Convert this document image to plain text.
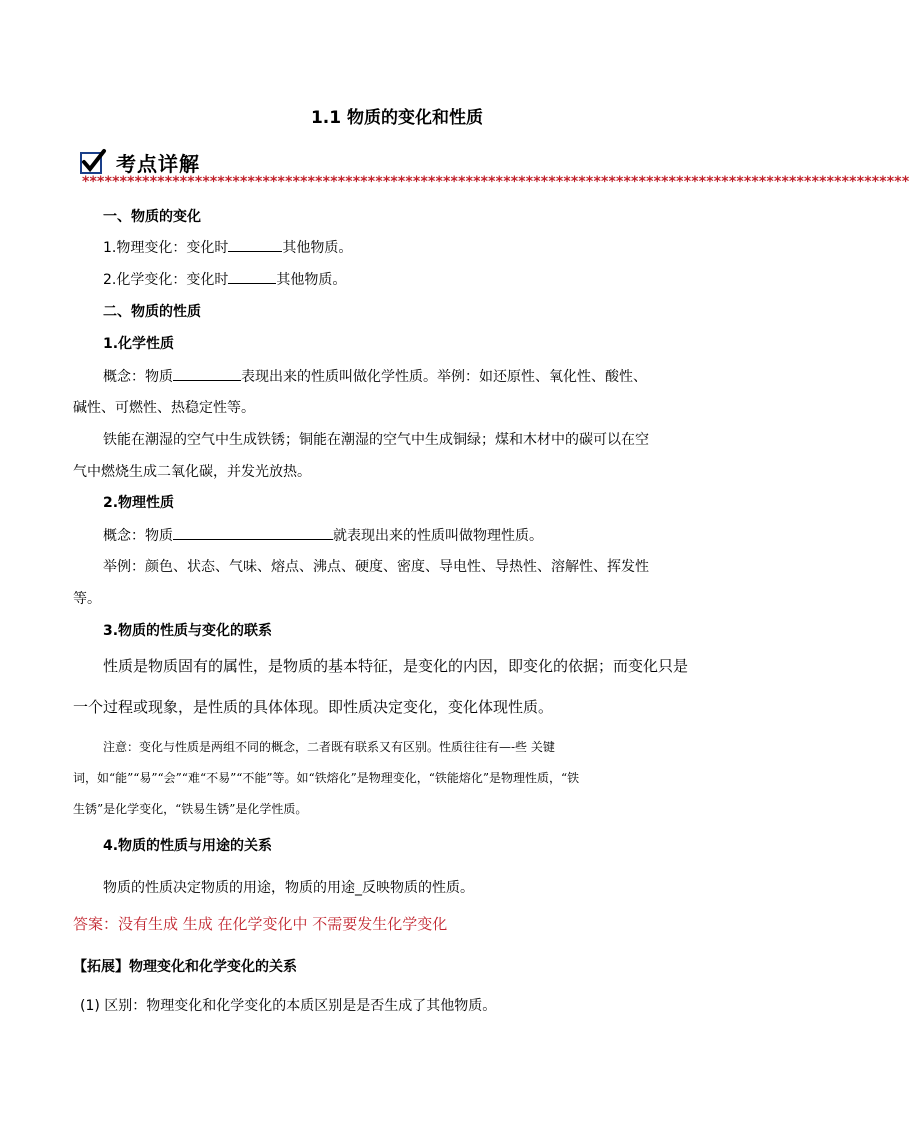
1.1 物质的变化和性质
考点详解
**************************************************************************************************************
一、物质的变化
1.物理变化：变化时	其他物质。
2.化学变化：变化时	其他物质。
二、物质的性质
1.化学性质
概念：物质	表现出来的性质叫做化学性质。举例：如还原性、氧化性、酸性、
碱性、可燃性、热稳定性等。
铁能在潮湿的空气中生成铁锈；铜能在潮湿的空气中生成铜绿；煤和木材中的碳可以在空
气中燃烧生成二氧化碳，并发光放热。
2.物理性质
概念：物质	就表现出来的性质叫做物理性质。
举例：颜色、状态、气味、熔点、沸点、硬度、密度、导电性、导热性、溶解性、挥发性
等。
3.物质的性质与变化的联系
性质是物质固有的属性，是物质的基本特征，是变化的内因，即变化的依据；而变化只是
一个过程或现象，是性质的具体体现。即性质决定变化，变化体现性质。
注意：变化与性质是两组不同的概念，二者既有联系又有区别。性质往往有—-些 关键
词，如“能”“易”“会”“难“不易”“不能”等。如“铁熔化”是物理变化，“铁能熔化”是物理性质，“铁
生锈”是化学变化，“铁易生锈”是化学性质。
4.物质的性质与用途的关系
物质的性质决定物质的用途，物质的用途_反映物质的性质。
答案：没有生成 生成 在化学变化中 不需要发生化学变化
【拓展】物理变化和化学变化的关系
(1) 区别：物理变化和化学变化的本质区别是是否生成了其他物质。
